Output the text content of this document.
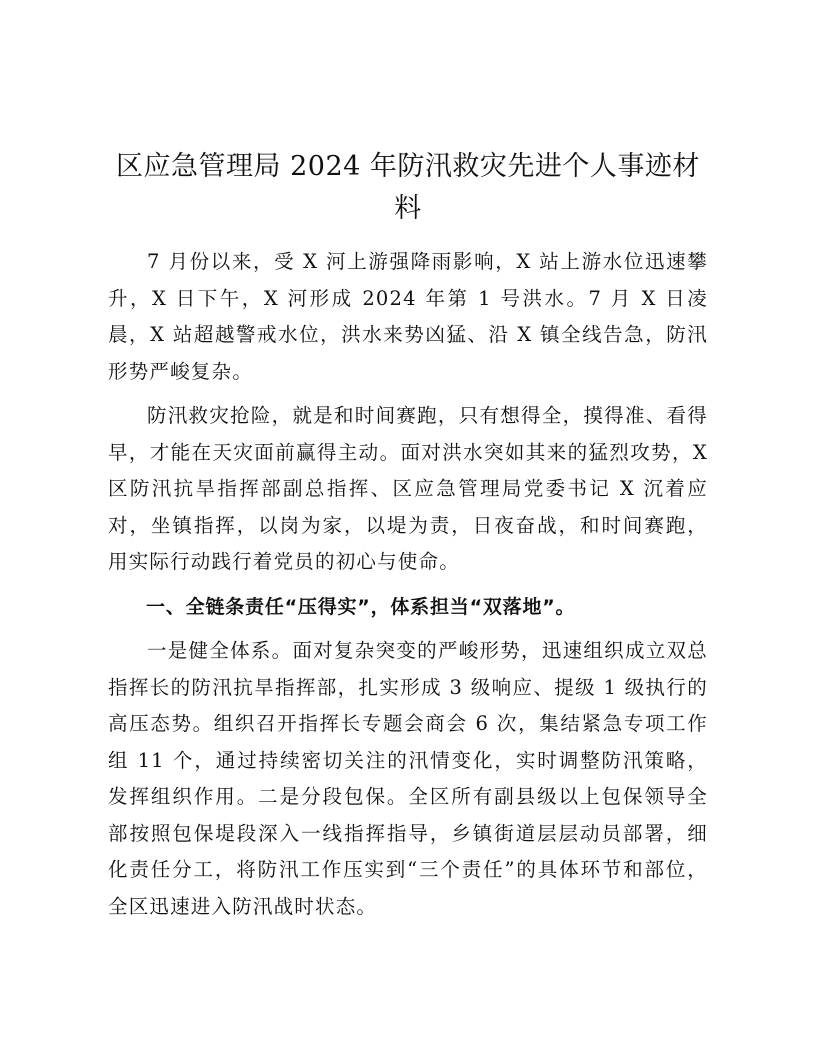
区应急管理局 2024 年防汛救灾先进个人事迹材料

7 月份以来，受 X 河上游强降雨影响，X 站上游水位迅速攀升，X 日下午，X 河形成 2024 年第 1 号洪水。7 月 X 日凌晨，X 站超越警戒水位，洪水来势凶猛、沿 X 镇全线告急，防汛形势严峻复杂。

防汛救灾抢险，就是和时间赛跑，只有想得全，摸得准、看得早，才能在天灾面前赢得主动。面对洪水突如其来的猛烈攻势，X 区防汛抗旱指挥部副总指挥、区应急管理局党委书记 X 沉着应对，坐镇指挥，以岗为家，以堤为责，日夜奋战，和时间赛跑，用实际行动践行着党员的初心与使命。

一、全链条责任“压得实”，体系担当“双落地”。

一是健全体系。面对复杂突变的严峻形势，迅速组织成立双总指挥长的防汛抗旱指挥部，扎实形成 3 级响应、提级 1 级执行的高压态势。组织召开指挥长专题会商会 6 次，集结紧急专项工作组 11 个，通过持续密切关注的汛情变化，实时调整防汛策略，发挥组织作用。二是分段包保。全区所有副县级以上包保领导全部按照包保堤段深入一线指挥指导，乡镇街道层层动员部署，细化责任分工，将防汛工作压实到“三个责任”的具体环节和部位，全区迅速进入防汛战时状态。
